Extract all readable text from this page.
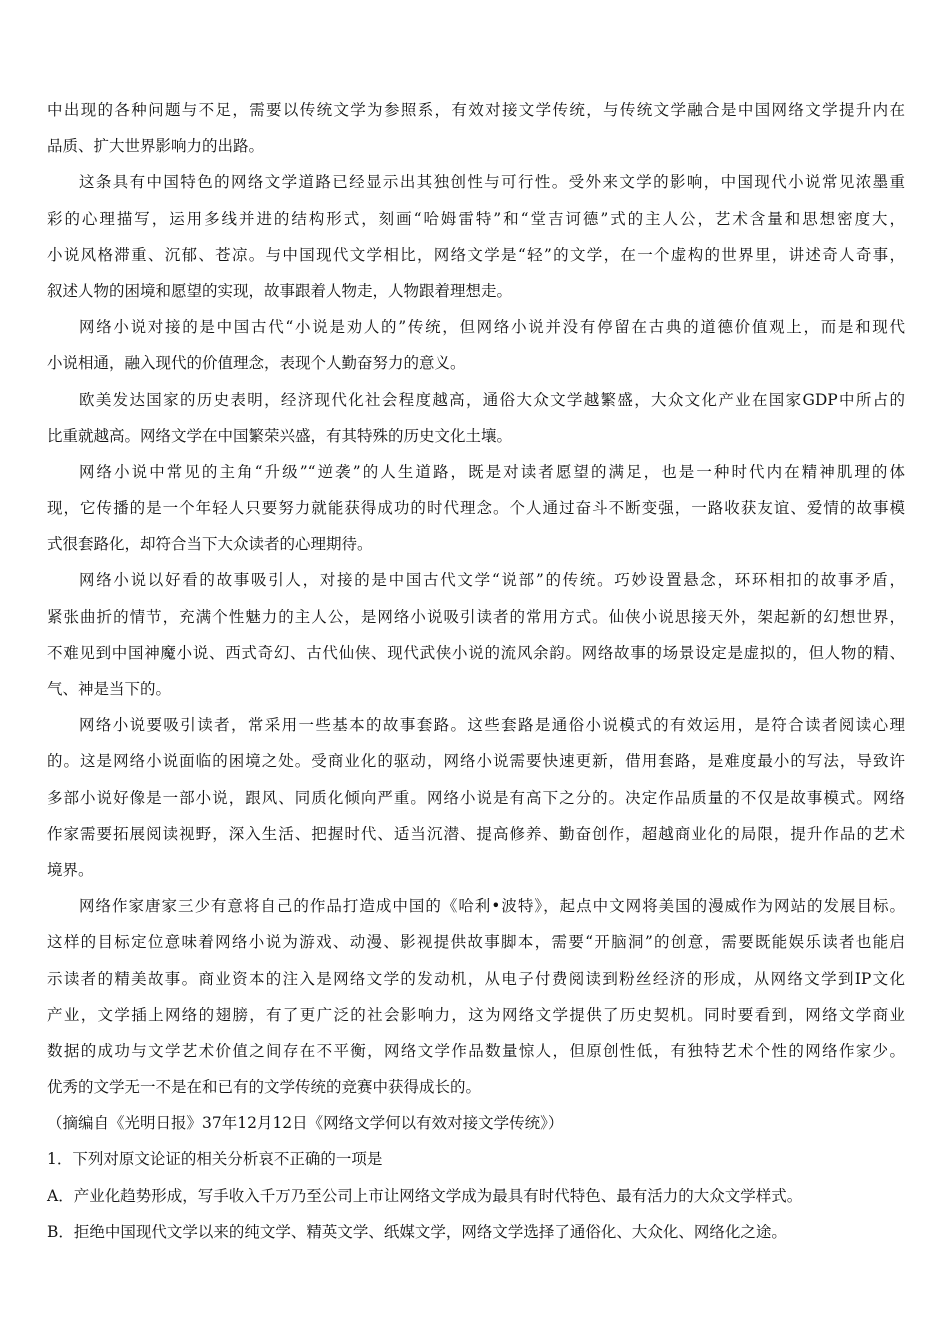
中出现的各种问题与不足，需要以传统文学为参照系，有效对接文学传统，与传统文学融合是中国网络文学提升内在
品质、扩大世界影响力的出路。
这条具有中国特色的网络文学道路已经显示出其独创性与可行性。受外来文学的影响，中国现代小说常见浓墨重
彩的心理描写，运用多线并进的结构形式，刻画“哈姆雷特”和“堂吉诃德”式的主人公，艺术含量和思想密度大，
小说风格滞重、沉郁、苍凉。与中国现代文学相比，网络文学是“轻”的文学，在一个虚构的世界里，讲述奇人奇事，
叙述人物的困境和愿望的实现，故事跟着人物走，人物跟着理想走。
网络小说对接的是中国古代“小说是劝人的”传统，但网络小说并没有停留在古典的道德价值观上，而是和现代
小说相通，融入现代的价值理念，表现个人勤奋努力的意义。
欧美发达国家的历史表明，经济现代化社会程度越高，通俗大众文学越繁盛，大众文化产业在国家GDP中所占的
比重就越高。网络文学在中国繁荣兴盛，有其特殊的历史文化土壤。
网络小说中常见的主角“升级”“逆袭”的人生道路，既是对读者愿望的满足，也是一种时代内在精神肌理的体
现，它传播的是一个年轻人只要努力就能获得成功的时代理念。个人通过奋斗不断变强，一路收获友谊、爱情的故事模
式很套路化，却符合当下大众读者的心理期待。
网络小说以好看的故事吸引人，对接的是中国古代文学“说部”的传统。巧妙设置悬念，环环相扣的故事矛盾，
紧张曲折的情节，充满个性魅力的主人公，是网络小说吸引读者的常用方式。仙侠小说思接天外，架起新的幻想世界，
不难见到中国神魔小说、西式奇幻、古代仙侠、现代武侠小说的流风余韵。网络故事的场景设定是虚拟的，但人物的精、
气、神是当下的。
网络小说要吸引读者，常采用一些基本的故事套路。这些套路是通俗小说模式的有效运用，是符合读者阅读心理
的。这是网络小说面临的困境之处。受商业化的驱动，网络小说需要快速更新，借用套路，是难度最小的写法，导致许
多部小说好像是一部小说，跟风、同质化倾向严重。网络小说是有高下之分的。决定作品质量的不仅是故事模式。网络
作家需要拓展阅读视野，深入生活、把握时代、适当沉潜、提高修养、勤奋创作，超越商业化的局限，提升作品的艺术
境界。
网络作家唐家三少有意将自己的作品打造成中国的《哈利•波特》，起点中文网将美国的漫威作为网站的发展目标。
这样的目标定位意味着网络小说为游戏、动漫、影视提供故事脚本，需要“开脑洞”的创意，需要既能娱乐读者也能启
示读者的精美故事。商业资本的注入是网络文学的发动机，从电子付费阅读到粉丝经济的形成，从网络文学到IP文化
产业，文学插上网络的翅膀，有了更广泛的社会影响力，这为网络文学提供了历史契机。同时要看到，网络文学商业
数据的成功与文学艺术价值之间存在不平衡，网络文学作品数量惊人，但原创性低，有独特艺术个性的网络作家少。
优秀的文学无一不是在和已有的文学传统的竞赛中获得成长的。
（摘编自《光明日报》37年12月12日《网络文学何以有效对接文学传统》）
1．下列对原文论证的相关分析哀不正确的一项是
A．产业化趋势形成，写手收入千万乃至公司上市让网络文学成为最具有时代特色、最有活力的大众文学样式。
B．拒绝中国现代文学以来的纯文学、精英文学、纸媒文学，网络文学选择了通俗化、大众化、网络化之途。
